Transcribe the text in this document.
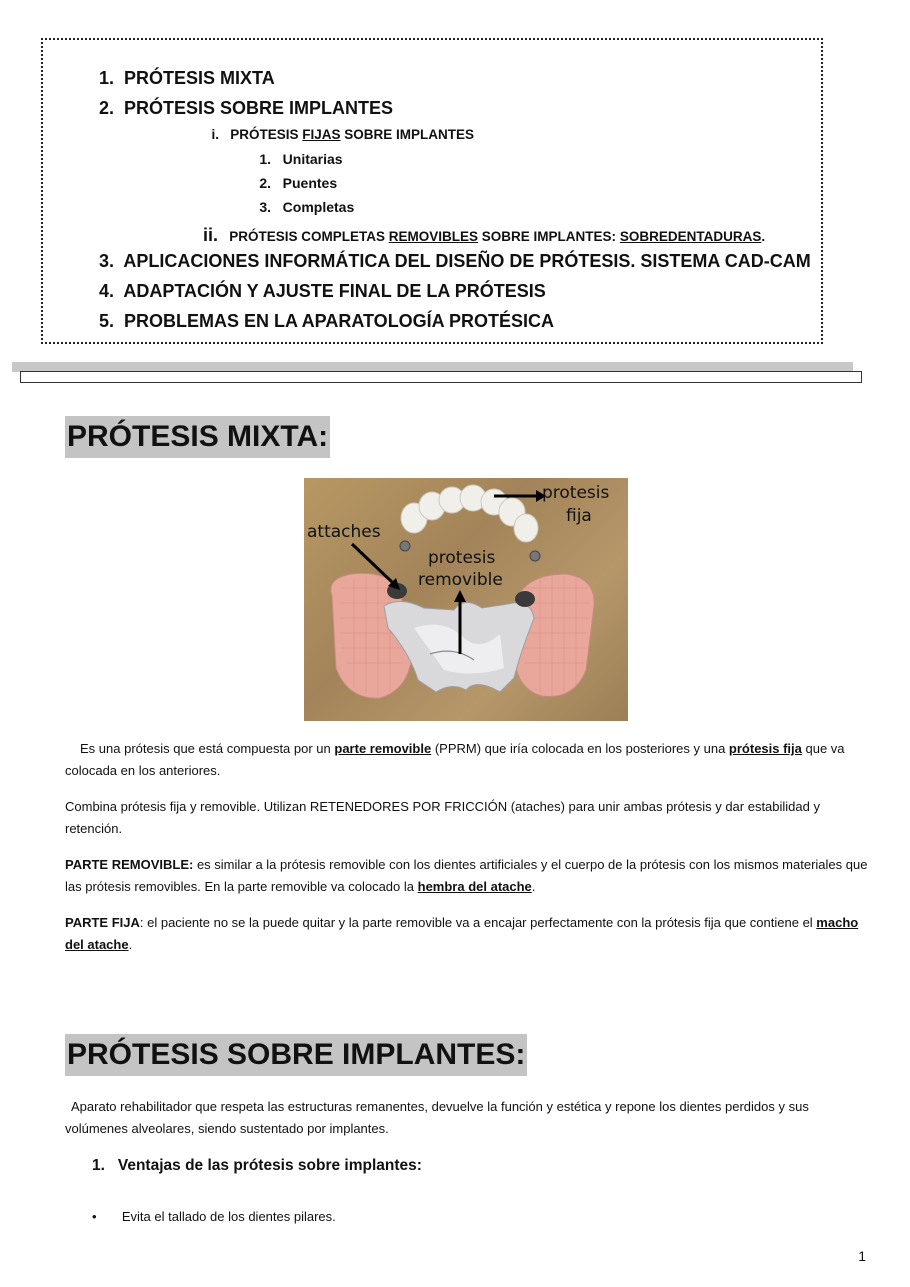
1. PRÓTESIS MIXTA
2. PRÓTESIS SOBRE IMPLANTES
i. PRÓTESIS FIJAS SOBRE IMPLANTES
1. Unitarias
2. Puentes
3. Completas
ii. PRÓTESIS COMPLETAS REMOVIBLES SOBRE IMPLANTES: SOBREDENTADURAS.
3. APLICACIONES INFORMÁTICA DEL DISEÑO DE PRÓTESIS. SISTEMA CAD-CAM
4. ADAPTACIÓN Y AJUSTE FINAL DE LA PRÓTESIS
5. PROBLEMAS EN LA APARATOLOGÍA PROTÉSICA
PRÓTESIS MIXTA:
protesis
fija
attaches
protesis
removible
Es una prótesis que está compuesta por un parte removible (PPRM) que iría colocada en los posteriores y una prótesis fija que va colocada en los anteriores.
Combina prótesis fija y removible. Utilizan RETENEDORES POR FRICCIÓN (ataches) para unir ambas prótesis y dar estabilidad y retención.
PARTE REMOVIBLE: es similar a la prótesis removible con los dientes artificiales y el cuerpo de la prótesis con los mismos materiales que las prótesis removibles. En la parte removible va colocado la hembra del atache.
PARTE FIJA: el paciente no se la puede quitar y la parte removible va a encajar perfectamente con la prótesis fija que contiene el macho del atache.
PRÓTESIS SOBRE IMPLANTES:
Aparato rehabilitador que respeta las estructuras remanentes, devuelve la función y estética y repone los dientes perdidos y sus volúmenes alveolares, siendo sustentado por implantes.
1. Ventajas de las prótesis sobre implantes:
• Evita el tallado de los dientes pilares.
1
